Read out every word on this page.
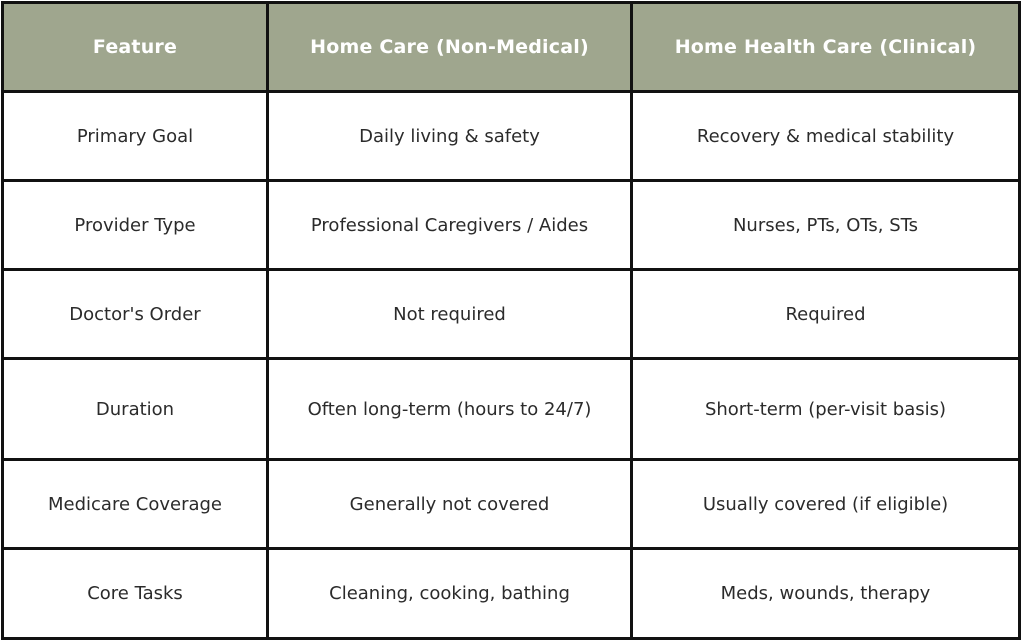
Feature	Home Care (Non-Medical)	Home Health Care (Clinical)
Primary Goal	Daily living & safety	Recovery & medical stability
Provider Type	Professional Caregivers / Aides	Nurses, PTs, OTs, STs
Doctor's Order	Not required	Required
Duration	Often long-term (hours to 24/7)	Short-term (per-visit basis)
Medicare Coverage	Generally not covered	Usually covered (if eligible)
Core Tasks	Cleaning, cooking, bathing	Meds, wounds, therapy
